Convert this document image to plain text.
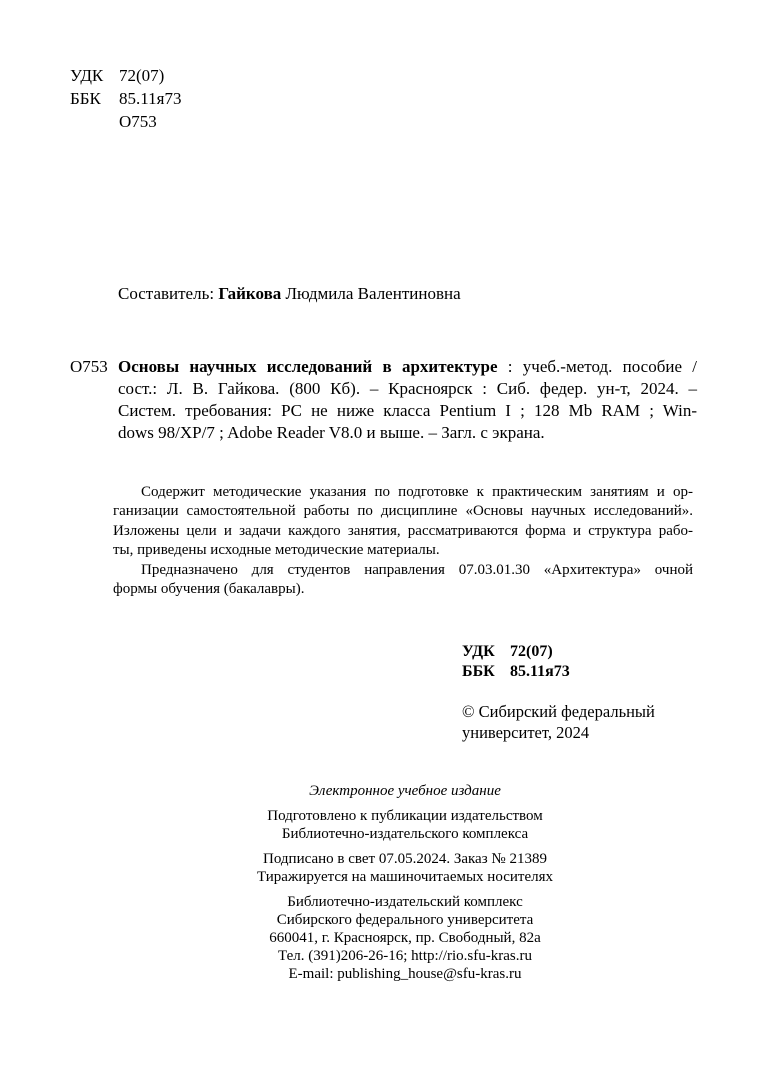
УДК 72(07)
ББК 85.11я73
О753
Составитель: Гайкова Людмила Валентиновна
О753 Основы научных исследований в архитектуре : учеб.-метод. пособие /
сост.: Л. В. Гайкова. (800 Кб). – Красноярск : Сиб. федер. ун-т, 2024. –
Систем. требования: PC не ниже класса Pentium I ; 128 Mb RAM ; Win-
dows 98/XP/7 ; Adobe Reader V8.0 и выше. – Загл. с экрана.
Содержит методические указания по подготовке к практическим занятиям и ор-
ганизации самостоятельной работы по дисциплине «Основы научных исследований».
Изложены цели и задачи каждого занятия, рассматриваются форма и структура рабо-
ты, приведены исходные методические материалы.
Предназначено для студентов направления 07.03.01.30 «Архитектура» очной
формы обучения (бакалавры).
УДК 72(07)
ББК 85.11я73
© Сибирский федеральный
университет, 2024
Электронное учебное издание
Подготовлено к публикации издательством
Библиотечно-издательского комплекса
Подписано в свет 07.05.2024. Заказ № 21389
Тиражируется на машиночитаемых носителях
Библиотечно-издательский комплекс
Сибирского федерального университета
660041, г. Красноярск, пр. Свободный, 82а
Тел. (391)206-26-16; http://rio.sfu-kras.ru
E-mail: publishing_house@sfu-kras.ru
